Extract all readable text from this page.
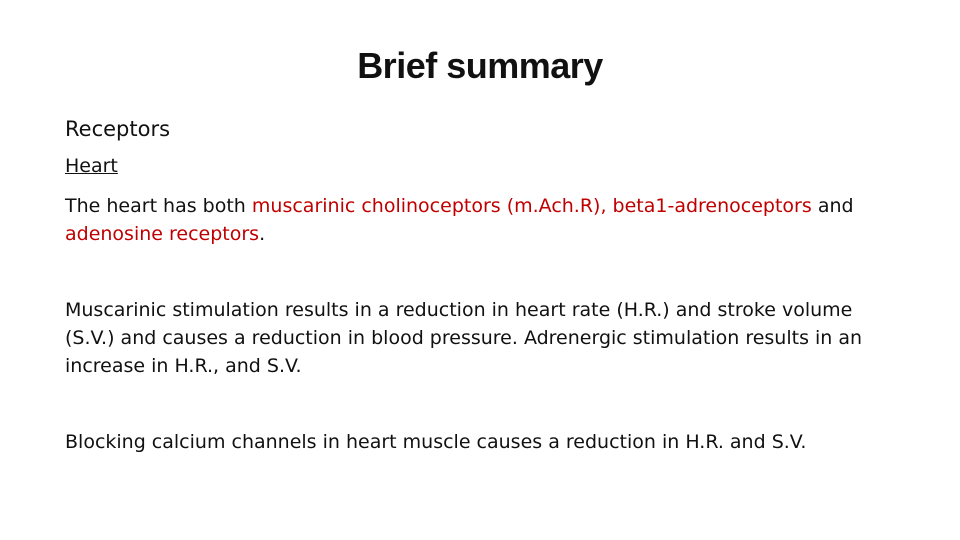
Brief summary
Receptors
Heart

The heart has both muscarinic cholinoceptors (m.Ach.R), beta1-adrenoceptors and adenosine receptors.

Muscarinic stimulation results in a reduction in heart rate (H.R.) and stroke volume (S.V.) and causes a reduction in blood pressure. Adrenergic stimulation results in an increase in H.R., and S.V.

Blocking calcium channels in heart muscle causes a reduction in H.R. and S.V.
